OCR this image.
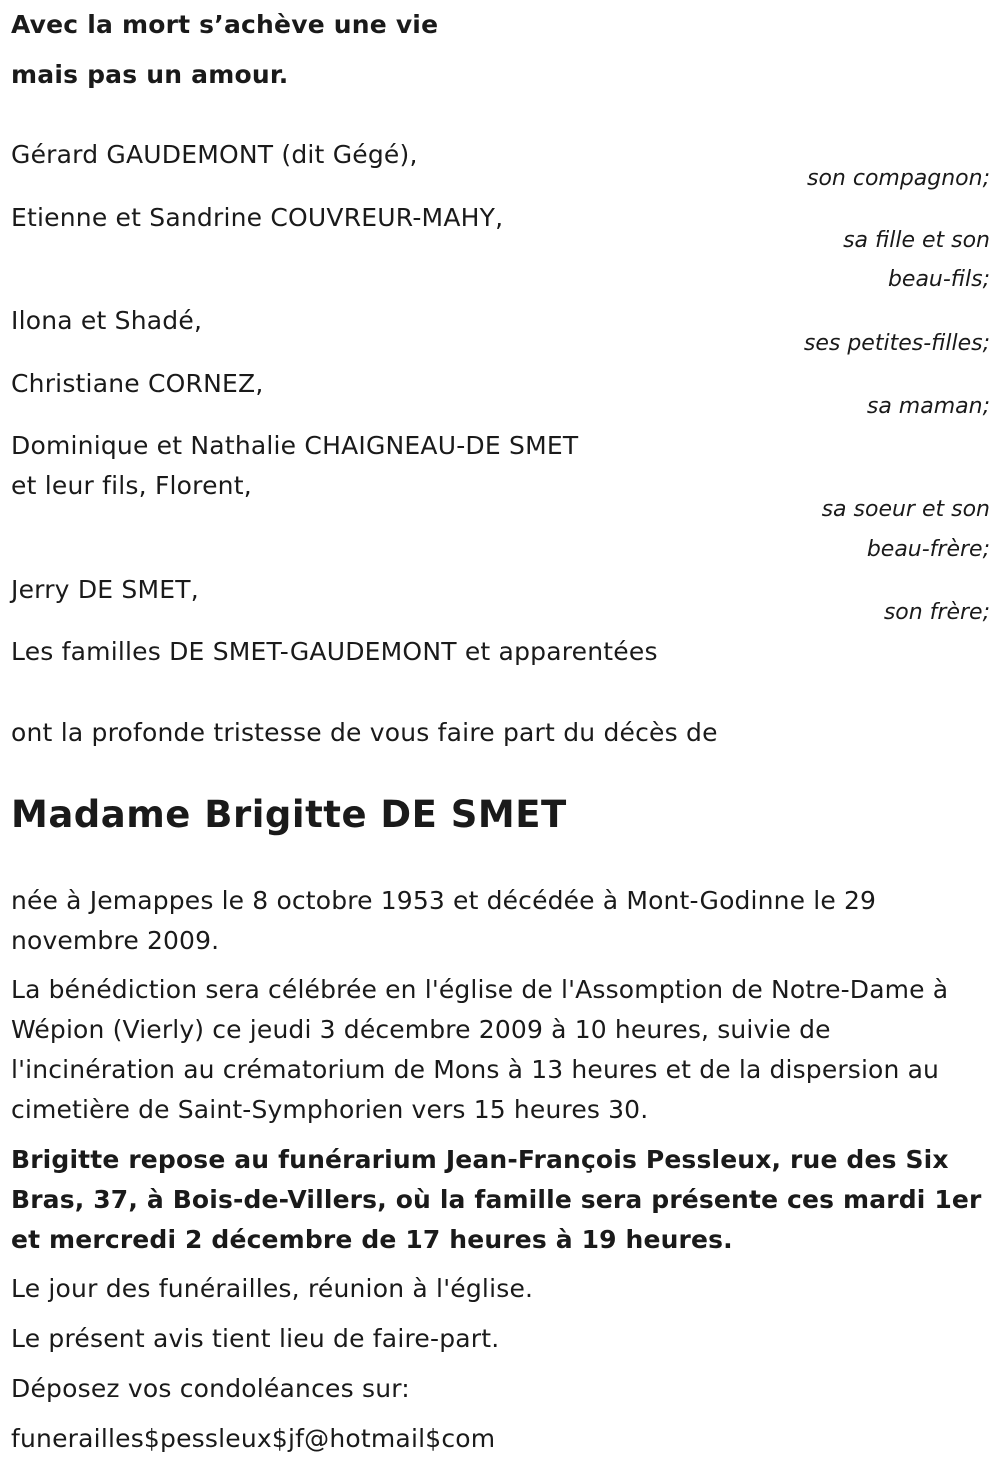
Avec la mort s’achève une vie
mais pas un amour.
Gérard GAUDEMONT (dit Gégé),
son compagnon;
Etienne et Sandrine COUVREUR-MAHY,
sa fille et son
beau-fils;
Ilona et Shadé,
ses petites-filles;
Christiane CORNEZ,
sa maman;
Dominique et Nathalie CHAIGNEAU-DE SMET
et leur fils, Florent,
sa soeur et son
beau-frère;
Jerry DE SMET,
son frère;
Les familles DE SMET-GAUDEMONT et apparentées
ont la profonde tristesse de vous faire part du décès de
Madame Brigitte DE SMET
née à Jemappes le 8 octobre 1953 et décédée à Mont-Godinne le 29 novembre 2009.
La bénédiction sera célébrée en l'église de l'Assomption de Notre-Dame à Wépion (Vierly) ce jeudi 3 décembre 2009 à 10 heures, suivie de l'incinération au crématorium de Mons à 13 heures et de la dispersion au cimetière de Saint-Symphorien vers 15 heures 30.
Brigitte repose au funérarium Jean-François Pessleux, rue des Six Bras, 37, à Bois-de-Villers, où la famille sera présente ces mardi 1er et mercredi 2 décembre de 17 heures à 19 heures.
Le jour des funérailles, réunion à l'église.
Le présent avis tient lieu de faire-part.
Déposez vos condoléances sur:
funerailles$pessleux$jf@hotmail$com
